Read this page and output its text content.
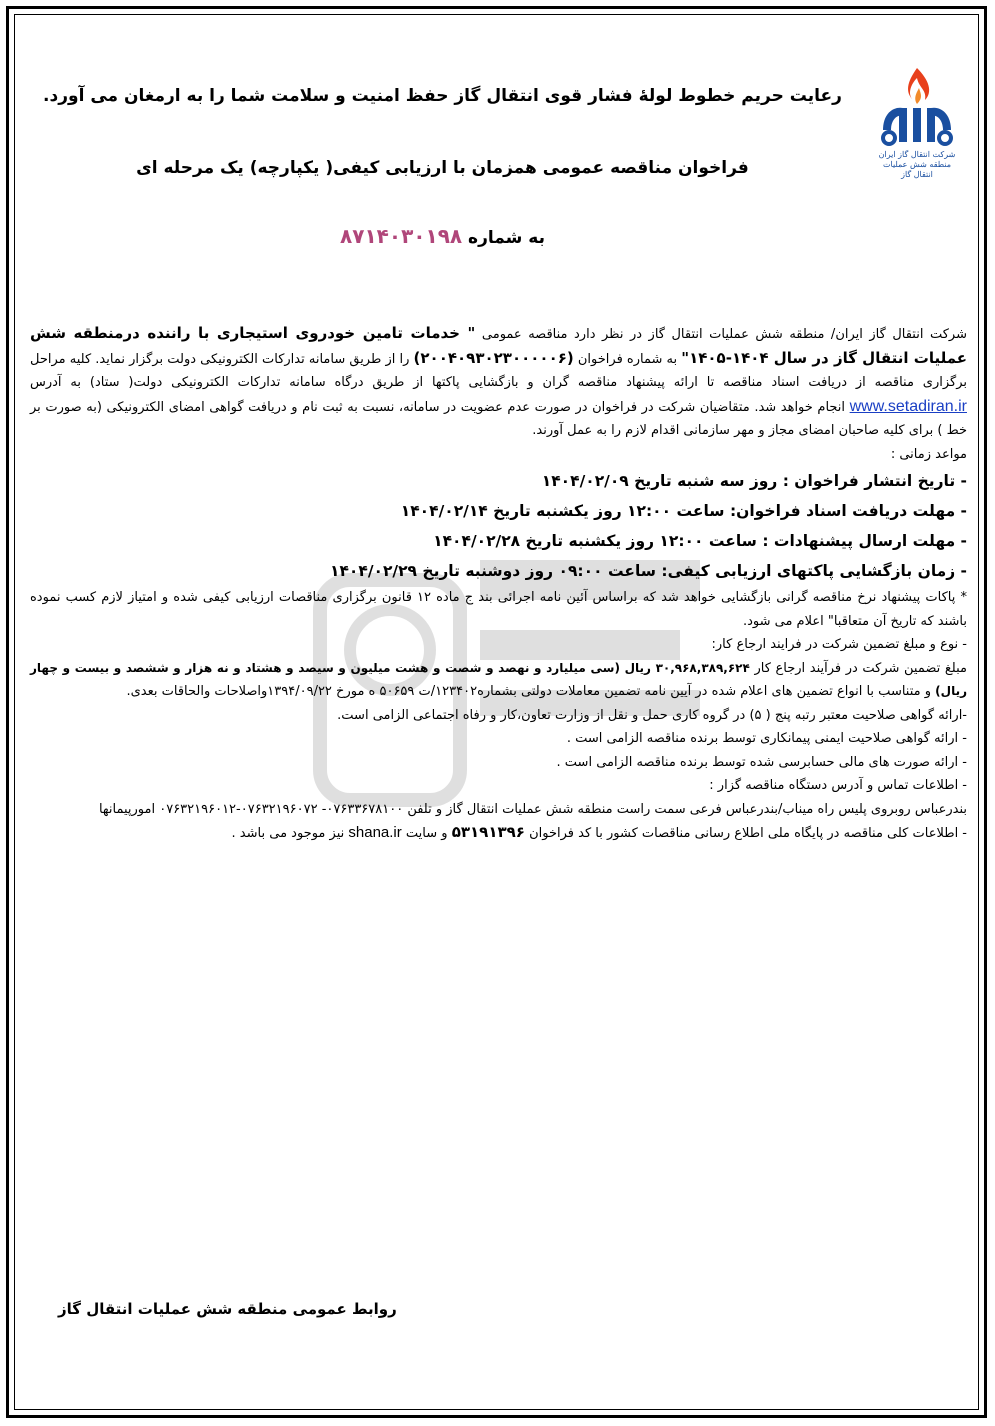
شرکت انتقال گاز ایران
منطقه شش عملیات انتقال گاز
رعایت حریم خطوط لولهٔ فشار قوی انتقال گاز حفظ امنیت و سلامت شما را به ارمغان می آورد.
فراخوان مناقصه عمومی همزمان با ارزیابی کیفی( یکپارچه) یک مرحله ای
به شماره ۸۷۱۴۰۳۰۱۹۸

شرکت انتقال گاز ایران/ منطقه شش عملیات انتقال گاز در نظر دارد مناقصه عمومی " خدمات تامین خودروی استیجاری با راننده درمنطقه شش عملیات انتقال گاز در سال ۱۴۰۴-۱۴۰۵" به شماره فراخوان (۲۰۰۴۰۹۳۰۲۳۰۰۰۰۰۶) را از طریق سامانه تدارکات الکترونیکی دولت برگزار نماید. کلیه مراحل برگزاری مناقصه از دریافت اسناد مناقصه تا ارائه پیشنهاد مناقصه گران و بازگشایی پاکتها از طریق درگاه سامانه تدارکات الکترونیکی دولت( ستاد) به آدرس www.setadiran.ir انجام خواهد شد. متقاضیان شرکت در فراخوان در صورت عدم عضویت در سامانه، نسبت به ثبت نام و دریافت گواهی امضای الکترونیکی (به صورت بر خط ) برای کلیه صاحبان امضای مجاز و مهر سازمانی اقدام لازم را به عمل آورند.

مواعد زمانی :

- تاریخ انتشار فراخوان : روز سه شنبه تاریخ ۱۴۰۴/۰۲/۰۹

- مهلت دریافت اسناد فراخوان: ساعت ۱۲:۰۰ روز یکشنبه تاریخ ۱۴۰۴/۰۲/۱۴

- مهلت ارسال پیشنهادات : ساعت ۱۲:۰۰ روز یکشنبه تاریخ ۱۴۰۴/۰۲/۲۸

- زمان بازگشایی پاکتهای ارزیابی کیفی: ساعت ۰۹:۰۰ روز دوشنبه تاریخ ۱۴۰۴/۰۲/۲۹

* پاکات پیشنهاد نرخ مناقصه گرانی بازگشایی خواهد شد که براساس آئین نامه اجرائی بند ج ماده ۱۲ قانون برگزاری مناقصات ارزیابی کیفی شده و امتیاز لازم کسب نموده باشند که تاریخ آن متعاقبا" اعلام می شود.

- نوع و مبلغ تضمین شرکت در فرایند ارجاع کار:

مبلغ تضمین شرکت در فرآیند ارجاع کار ۳۰,۹۶۸,۳۸۹,۶۲۴ ریال (سی میلیارد و نهصد و شصت و هشت میلیون و سیصد و هشتاد و نه هزار و ششصد و بیست و چهار ریال) و متناسب با انواع تضمین های اعلام شده در آیین نامه تضمین معاملات دولتی بشماره۱۲۳۴۰۲/ت ۵۰۶۵۹ ه مورخ ۱۳۹۴/۰۹/۲۲واصلاحات والحاقات بعدی.

-ارائه گواهی صلاحیت معتبر رتبه پنج ( ۵) در گروه کاری حمل و نقل از وزارت تعاون،کار و رفاه اجتماعی الزامی است.

- ارائه گواهی صلاحیت ایمنی پیمانکاری توسط برنده مناقصه الزامی است .

- ارائه صورت های مالی حسابرسی شده توسط برنده مناقصه الزامی است .

- اطلاعات تماس و آدرس دستگاه مناقصه گزار :

بندرعباس روبروی پلیس راه میناب/بندرعباس فرعی سمت راست منطقه شش عملیات انتقال گاز و تلفن ۰۷۶۳۳۶۷۸۱۰۰- ۰۷۶۳۲۱۹۶۰۷۲-۰۷۶۳۲۱۹۶۰۱۲ امورپیمانها

- اطلاعات کلی مناقصه در پایگاه ملی اطلاع رسانی مناقصات کشور با کد فراخوان ۵۳۱۹۱۳۹۶ و سایت shana.ir نیز موجود می باشد .

روابط عمومی منطقه شش عملیات انتقال گاز
